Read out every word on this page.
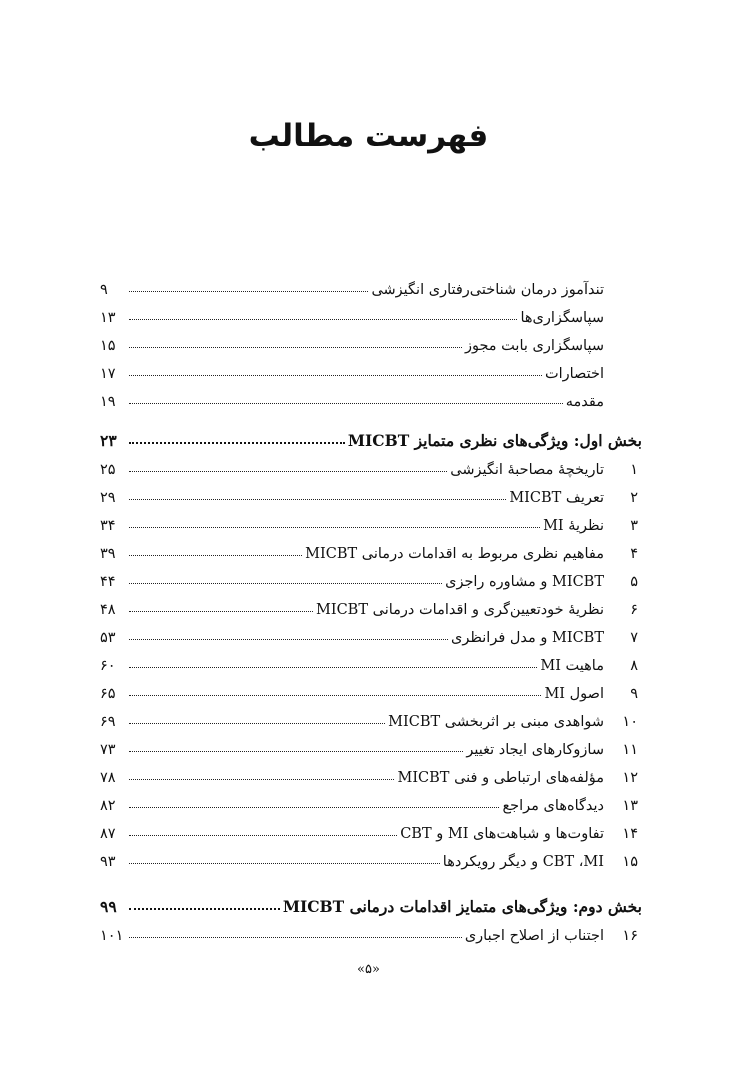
فهرست مطالب
تندآموز درمان شناختی‌رفتاری انگیزشی
۹
سپاسگزاری‌ها
۱۳
سپاسگزاری بابت مجوز
۱۵
اختصارات
۱۷
مقدمه
۱۹
بخش اول: ویژگی‌های نظری متمایز MICBT
۲۳
۱
تاریخچهٔ مصاحبهٔ انگیزشی
۲۵
۲
تعریف MICBT
۲۹
۳
نظریهٔ MI
۳۴
۴
مفاهیم نظری مربوط به اقدامات درمانی MICBT
۳۹
۵
MICBT و مشاوره راجزی
۴۴
۶
نظریهٔ خودتعیین‌گری و اقدامات درمانی MICBT
۴۸
۷
MICBT و مدل فرانظری
۵۳
۸
ماهیت MI
۶۰
۹
اصول MI
۶۵
۱۰
شواهدی مبنی بر اثربخشی MICBT
۶۹
۱۱
سازوکارهای ایجاد تغییر
۷۳
۱۲
مؤلفه‌های ارتباطی و فنی MICBT
۷۸
۱۳
دیدگاه‌های مراجع
۸۲
۱۴
تفاوت‌ها و شباهت‌های MI و CBT
۸۷
۱۵
CBT ،MI و دیگر رویکردها
۹۳
بخش دوم: ویژگی‌های متمایز اقدامات درمانی MICBT
۹۹
۱۶
اجتناب از اصلاح اجباری
۱۰۱
«۵»
